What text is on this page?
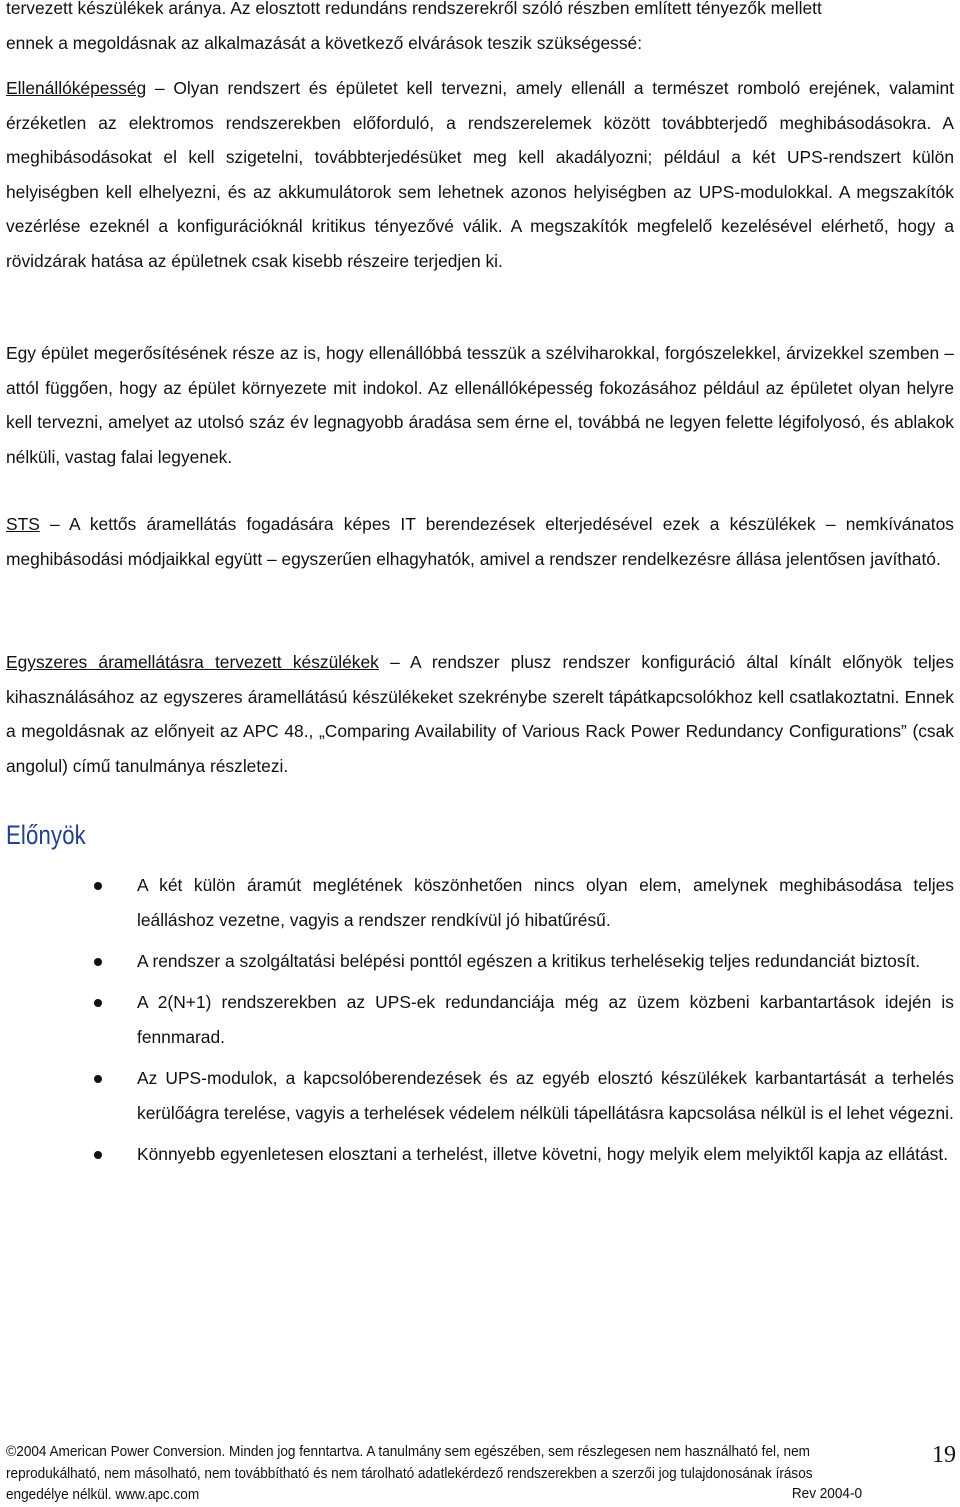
tervezett készülékek aránya. Az elosztott redundáns rendszerekről szóló részben említett tényezők mellett
ennek a megoldásnak az alkalmazását a következő elvárások teszik szükségessé:
Ellenállóképesség – Olyan rendszert és épületet kell tervezni, amely ellenáll a természet romboló erejének, valamint érzéketlen az elektromos rendszerekben előforduló, a rendszerelemek között továbbterjedő meghibásodásokra. A meghibásodásokat el kell szigetelni, továbbterjedésüket meg kell akadályozni; például a két UPS-rendszert külön helyiségben kell elhelyezni, és az akkumulátorok sem lehetnek azonos helyiségben az UPS-modulokkal. A megszakítók vezérlése ezeknél a konfigurációknál kritikus tényezővé válik. A megszakítók megfelelő kezelésével elérhető, hogy a rövidzárak hatása az épületnek csak kisebb részeire terjedjen ki.
Egy épület megerősítésének része az is, hogy ellenállóbbá tesszük a szélviharokkal, forgószelekkel, árvizekkel szemben – attól függően, hogy az épület környezete mit indokol. Az ellenállóképesség fokozásához például az épületet olyan helyre kell tervezni, amelyet az utolsó száz év legnagyobb áradása sem érne el, továbbá ne legyen felette légifolyosó, és ablakok nélküli, vastag falai legyenek.
STS – A kettős áramellátás fogadására képes IT berendezések elterjedésével ezek a készülékek – nemkívánatos meghibásodási módjaikkal együtt – egyszerűen elhagyhatók, amivel a rendszer rendelkezésre állása jelentősen javítható.
Egyszeres áramellátásra tervezett készülékek – A rendszer plusz rendszer konfiguráció által kínált előnyök teljes kihasználásához az egyszeres áramellátású készülékeket szekrénybe szerelt tápátkapcsolókhoz kell csatlakoztatni. Ennek a megoldásnak az előnyeit az APC 48., „Comparing Availability of Various Rack Power Redundancy Configurations” (csak angolul) című tanulmánya részletezi.
Előnyök
A két külön áramút meglétének köszönhetően nincs olyan elem, amelynek meghibásodása teljes leálláshoz vezetne, vagyis a rendszer rendkívül jó hibatűrésű.
A rendszer a szolgáltatási belépési ponttól egészen a kritikus terhelésekig teljes redundanciát biztosít.
A 2(N+1) rendszerekben az UPS-ek redundanciája még az üzem közbeni karbantartások idején is fennmarad.
Az UPS-modulok, a kapcsolóberendezések és az egyéb elosztó készülékek karbantartását a terhelés kerülőágra terelése, vagyis a terhelések védelem nélküli tápellátásra kapcsolása nélkül is el lehet végezni.
Könnyebb egyenletesen elosztani a terhelést, illetve követni, hogy melyik elem melyiktől kapja az ellátást.
©2004 American Power Conversion. Minden jog fenntartva. A tanulmány sem egészében, sem részlegesen nem használható fel, nem
reprodukálható, nem másolható, nem továbbítható és nem tárolható adatlekérdező rendszerekben a szerzői jog tulajdonosának írásos
engedélye nélkül. www.apc.com	Rev 2004-0
19
